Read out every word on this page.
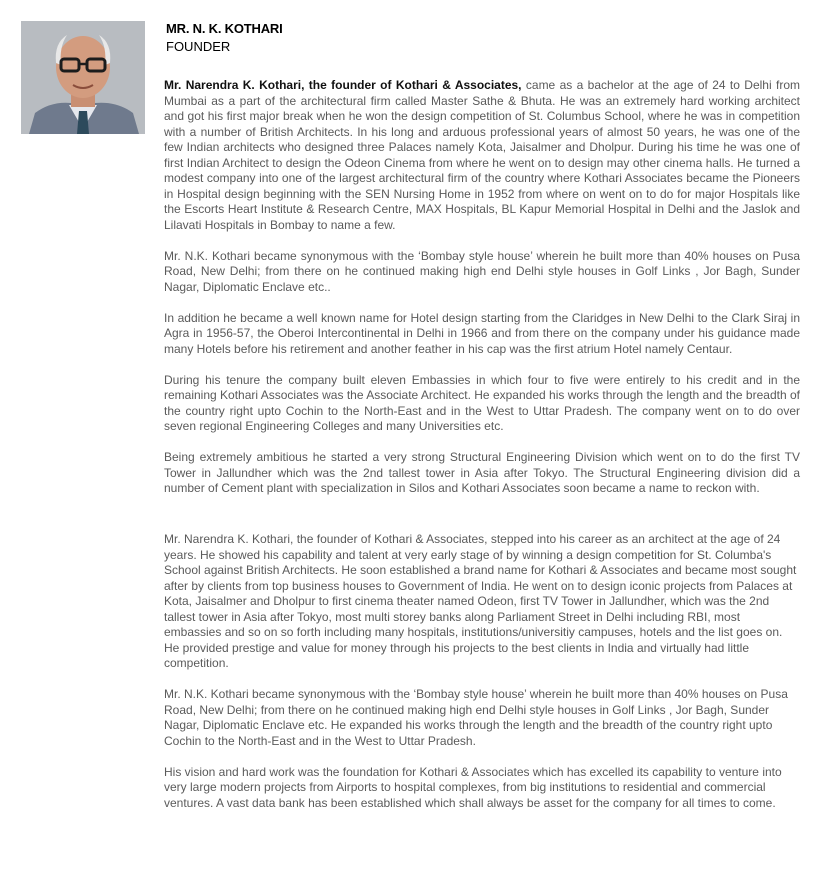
MR. N. K. KOTHARI
FOUNDER

Mr. Narendra K. Kothari, the founder of Kothari & Associates, came as a bachelor at the age of 24 to Delhi from Mumbai as a part of the architectural firm called Master Sathe & Bhuta. He was an extremely hard working architect and got his first major break when he won the design competition of St. Columbus School, where he was in competition with a number of British Architects. In his long and arduous professional years of almost 50 years, he was one of the few Indian architects who designed three Palaces namely Kota, Jaisalmer and Dholpur. During his time he was one of first Indian Architect to design the Odeon Cinema from where he went on to design may other cinema halls. He turned a modest company into one of the largest architectural firm of the country where Kothari Associates became the Pioneers in Hospital design beginning with the SEN Nursing Home in 1952 from where on went on to do for major Hospitals like the Escorts Heart Institute & Research Centre, MAX Hospitals, BL Kapur Memorial Hospital in Delhi and the Jaslok and Lilavati Hospitals in Bombay to name a few.

Mr. N.K. Kothari became synonymous with the ‘Bombay style house’ wherein he built more than 40% houses on Pusa Road, New Delhi; from there on he continued making high end Delhi style houses in Golf Links , Jor Bagh, Sunder Nagar, Diplomatic Enclave etc..

In addition he became a well known name for Hotel design starting from the Claridges in New Delhi to the Clark Siraj in Agra in 1956-57, the Oberoi Intercontinental in Delhi in 1966 and from there on the company under his guidance made many Hotels before his retirement and another feather in his cap was the first atrium Hotel namely Centaur.

During his tenure the company built eleven Embassies in which four to five were entirely to his credit and in the remaining Kothari Associates was the Associate Architect. He expanded his works through the length and the breadth of the country right upto Cochin to the North-East and in the West to Uttar Pradesh. The company went on to do over seven regional Engineering Colleges and many Universities etc.

Being extremely ambitious he started a very strong Structural Engineering Division which went on to do the first TV Tower in Jallundher which was the 2nd tallest tower in Asia after Tokyo. The Structural Engineering division did a number of Cement plant with specialization in Silos and Kothari Associates soon became a name to reckon with.

Mr. Narendra K. Kothari, the founder of Kothari & Associates, stepped into his career as an architect at the age of 24 years. He showed his capability and talent at very early stage of by winning a design competition for St. Columba's School against British Architects. He soon established a brand name for Kothari & Associates and became most sought after by clients from top business houses to Government of India. He went on to design iconic projects from Palaces at Kota, Jaisalmer and Dholpur to first cinema theater named Odeon, first TV Tower in Jallundher, which was the 2nd tallest tower in Asia after Tokyo, most multi storey banks along Parliament Street in Delhi including RBI, most embassies and so on so forth including many hospitals, institutions/universitiy campuses, hotels and the list goes on. He provided prestige and value for money through his projects to the best clients in India and virtually had little competition.

Mr. N.K. Kothari became synonymous with the ‘Bombay style house’ wherein he built more than 40% houses on Pusa Road, New Delhi; from there on he continued making high end Delhi style houses in Golf Links , Jor Bagh, Sunder Nagar, Diplomatic Enclave etc. He expanded his works through the length and the breadth of the country right upto Cochin to the North-East and in the West to Uttar Pradesh.

His vision and hard work was the foundation for Kothari & Associates which has excelled its capability to venture into very large modern projects from Airports to hospital complexes, from big institutions to residential and commercial ventures. A vast data bank has been established which shall always be asset for the company for all times to come.
